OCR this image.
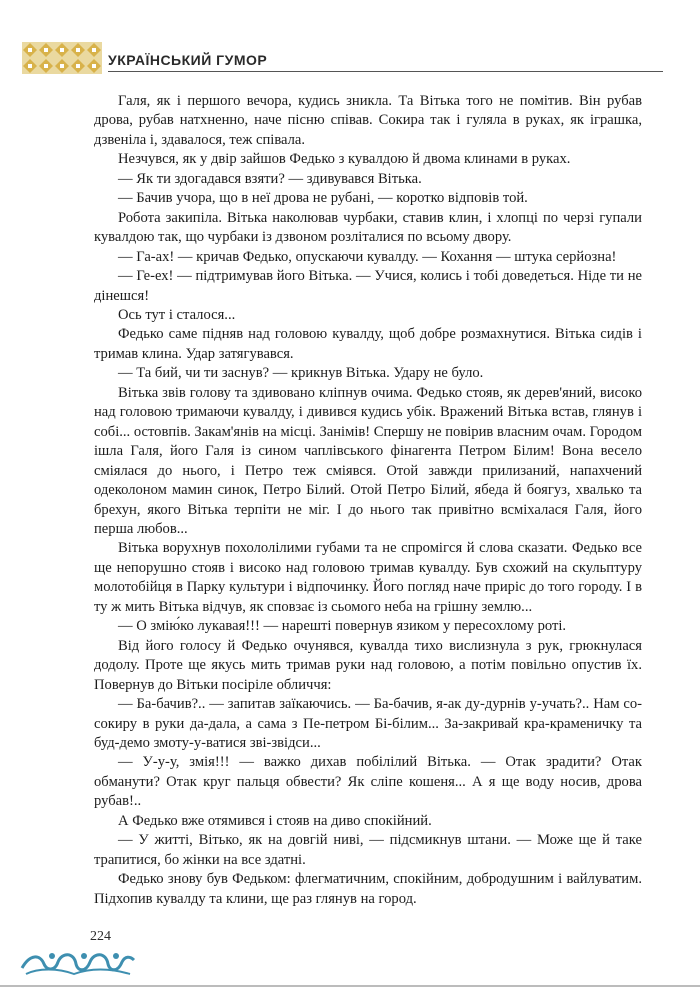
УКРАЇНСЬКИЙ ГУМОР

Галя, як і першого вечора, кудись зникла. Та Вітька того не помітив. Він рубав дрова, рубав натхненно, наче пісню співав. Сокира так і гуляла в руках, як іграшка, дзвеніла і, здавалося, теж співала.

Незчувся, як у двір зайшов Федько з кувалдою й двома клинами в руках.

— Як ти здогадався взяти? — здивувався Вітька.

— Бачив учора, що в неї дрова не рубані, — коротко відповів той.

Робота закипіла. Вітька наколював чурбаки, ставив клин, і хлопці по черзі гупали кувалдою так, що чурбаки із дзвоном розліталися по всьому двору.

— Га-ах! — кричав Федько, опускаючи кувалду. — Кохання — штука серйозна!

— Ге-ех! — підтримував його Вітька. — Учися, колись і тобі доведеться. Ніде ти не дінешся!

Ось тут і сталося...

Федько саме підняв над головою кувалду, щоб добре розмахнутися. Вітька сидів і тримав клина. Удар затягувався.

— Та бий, чи ти заснув? — крикнув Вітька. Удару не було.

Вітька звів голову та здивовано кліпнув очима. Федько стояв, як дерев'яний, високо над головою тримаючи кувалду, і дивився кудись убік. Вражений Вітька встав, глянув і собі... остовпів. Закам'янів на місці. Занімів! Спершу не повірив власним очам. Городом ішла Галя, його Галя із сином чаплівського фінагента Петром Білим! Вона весело сміялася до нього, і Петро теж сміявся. Отой завжди прилизаний, напахчений одеколоном мамин синок, Петро Білий. Отой Петро Білий, ябеда й боягуз, хвалько та брехун, якого Вітька терпіти не міг. І до нього так привітно всміхалася Галя, його перша любов...

Вітька ворухнув похололілими губами та не спромігся й слова сказати. Федько все ще непорушно стояв і високо над головою тримав кувалду. Був схожий на скульптуру молотобійця в Парку культури і відпочинку. Його погляд наче приріс до того городу. І в ту ж мить Вітька відчув, як сповзає із сьомого неба на грішну землю...

— О змію́ко лукавая!!! — нарешті повернув язиком у пересохлому роті.

Від його голосу й Федько очунявся, кувалда тихо вислизнула з рук, грюкнулася додолу. Проте ще якусь мить тримав руки над головою, а потім повільно опустив їх. Повернув до Вітьки посіріле обличчя:

— Ба-бачив?.. — запитав заїкаючись. — Ба-бачив, я-ак ду-дурнів у-учать?.. Нам со-сокиру в руки да-дала, а сама з Пе-петром Бі-білим... За-закривай кра-краменичку та буд-демо змоту-у-ватися зві-звідси...

— У-у-у, змія!!! — важко дихав побілілий Вітька. — Отак зрадити? Отак обманути? Отак круг пальця обвести? Як сліпе кошеня... А я ще воду носив, дрова рубав!..

А Федько вже отямився і стояв на диво спокійний.

— У житті, Вітько, як на довгій ниві, — підсмикнув штани. — Може ще й таке трапитися, бо жінки на все здатні.

Федько знову був Федьком: флегматичним, спокійним, добродушним і вайлуватим. Підхопив кувалду та клини, ще раз глянув на город.

224
